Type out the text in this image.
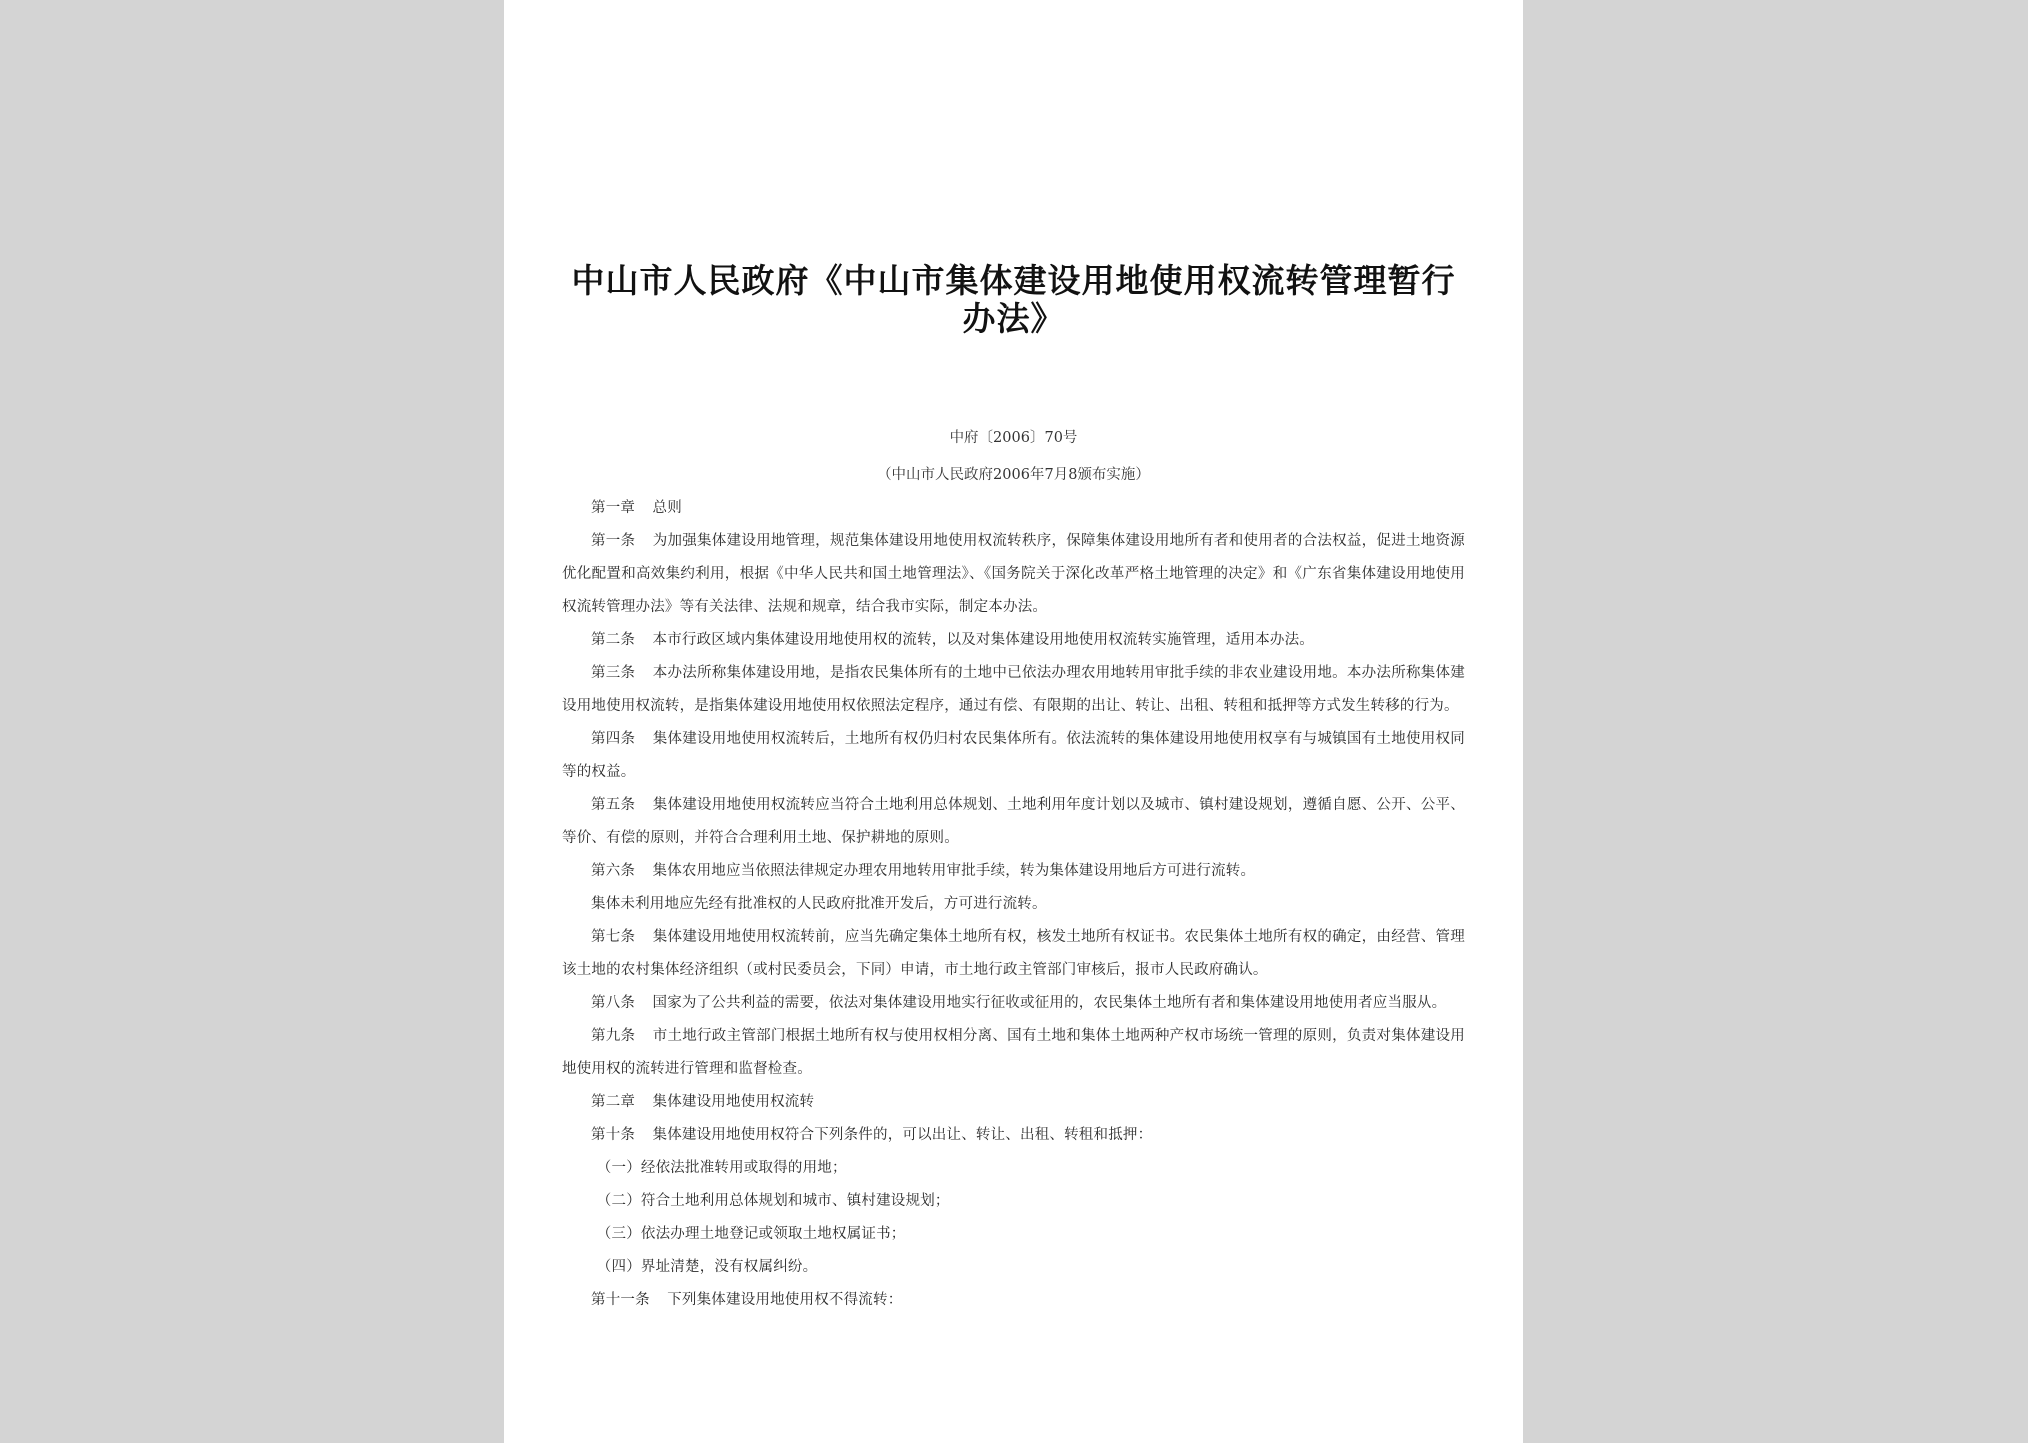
中山市人民政府《中山市集体建设用地使用权流转管理暂行办法》
中府〔2006〕70号
（中山市人民政府2006年7月8颁布实施）

第一章 总则

第一条 为加强集体建设用地管理，规范集体建设用地使用权流转秩序，保障集体建设用地所有者和使用者的合法权益，促进土地资源优化配置和高效集约利用，根据《中华人民共和国土地管理法》、《国务院关于深化改革严格土地管理的决定》和《广东省集体建设用地使用权流转管理办法》等有关法律、法规和规章，结合我市实际，制定本办法。

第二条 本市行政区域内集体建设用地使用权的流转，以及对集体建设用地使用权流转实施管理，适用本办法。

第三条 本办法所称集体建设用地，是指农民集体所有的土地中已依法办理农用地转用审批手续的非农业建设用地。本办法所称集体建设用地使用权流转，是指集体建设用地使用权依照法定程序，通过有偿、有限期的出让、转让、出租、转租和抵押等方式发生转移的行为。

第四条 集体建设用地使用权流转后，土地所有权仍归村农民集体所有。依法流转的集体建设用地使用权享有与城镇国有土地使用权同等的权益。

第五条 集体建设用地使用权流转应当符合土地利用总体规划、土地利用年度计划以及城市、镇村建设规划，遵循自愿、公开、公平、等价、有偿的原则，并符合合理利用土地、保护耕地的原则。

第六条 集体农用地应当依照法律规定办理农用地转用审批手续，转为集体建设用地后方可进行流转。

集体未利用地应先经有批准权的人民政府批准开发后，方可进行流转。

第七条 集体建设用地使用权流转前，应当先确定集体土地所有权，核发土地所有权证书。农民集体土地所有权的确定，由经营、管理该土地的农村集体经济组织（或村民委员会，下同）申请，市土地行政主管部门审核后，报市人民政府确认。

第八条 国家为了公共利益的需要，依法对集体建设用地实行征收或征用的，农民集体土地所有者和集体建设用地使用者应当服从。

第九条 市土地行政主管部门根据土地所有权与使用权相分离、国有土地和集体土地两种产权市场统一管理的原则，负责对集体建设用地使用权的流转进行管理和监督检查。

第二章 集体建设用地使用权流转

第十条 集体建设用地使用权符合下列条件的，可以出让、转让、出租、转租和抵押：

（一）经依法批准转用或取得的用地；

（二）符合土地利用总体规划和城市、镇村建设规划；

（三）依法办理土地登记或领取土地权属证书；

（四）界址清楚，没有权属纠纷。

第十一条 下列集体建设用地使用权不得流转：
